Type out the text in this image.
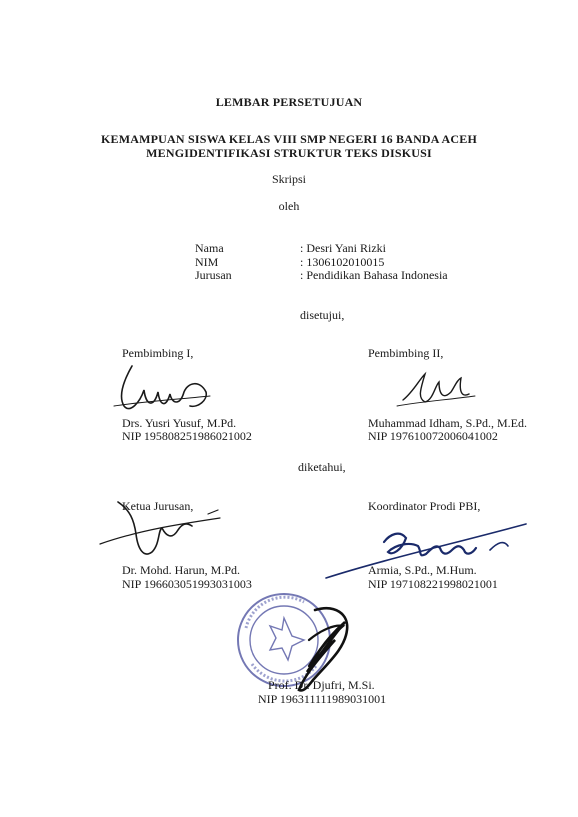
LEMBAR PERSETUJUAN
KEMAMPUAN SISWA KELAS VIII SMP NEGERI 16 BANDA ACEH
MENGIDENTIFIKASI STRUKTUR TEKS DISKUSI
Skripsi
oleh
Nama	: Desri Yani Rizki
NIM	: 1306102010015
Jurusan	: Pendidikan Bahasa Indonesia
disetujui,
Pembimbing I,	Pembimbing II,
Drs. Yusri Yusuf, M.Pd.
NIP 195808251986021002
Muhammad Idham, S.Pd., M.Ed.
NIP 197610072006041002
diketahui,
Ketua Jurusan,	Koordinator Prodi PBI,
Dr. Mohd. Harun, M.Pd.
NIP 196603051993031003
Armia, S.Pd., M.Hum.
NIP 197108221998021001
Prof. Dr. Djufri, M.Si.
NIP 196311111989031001
